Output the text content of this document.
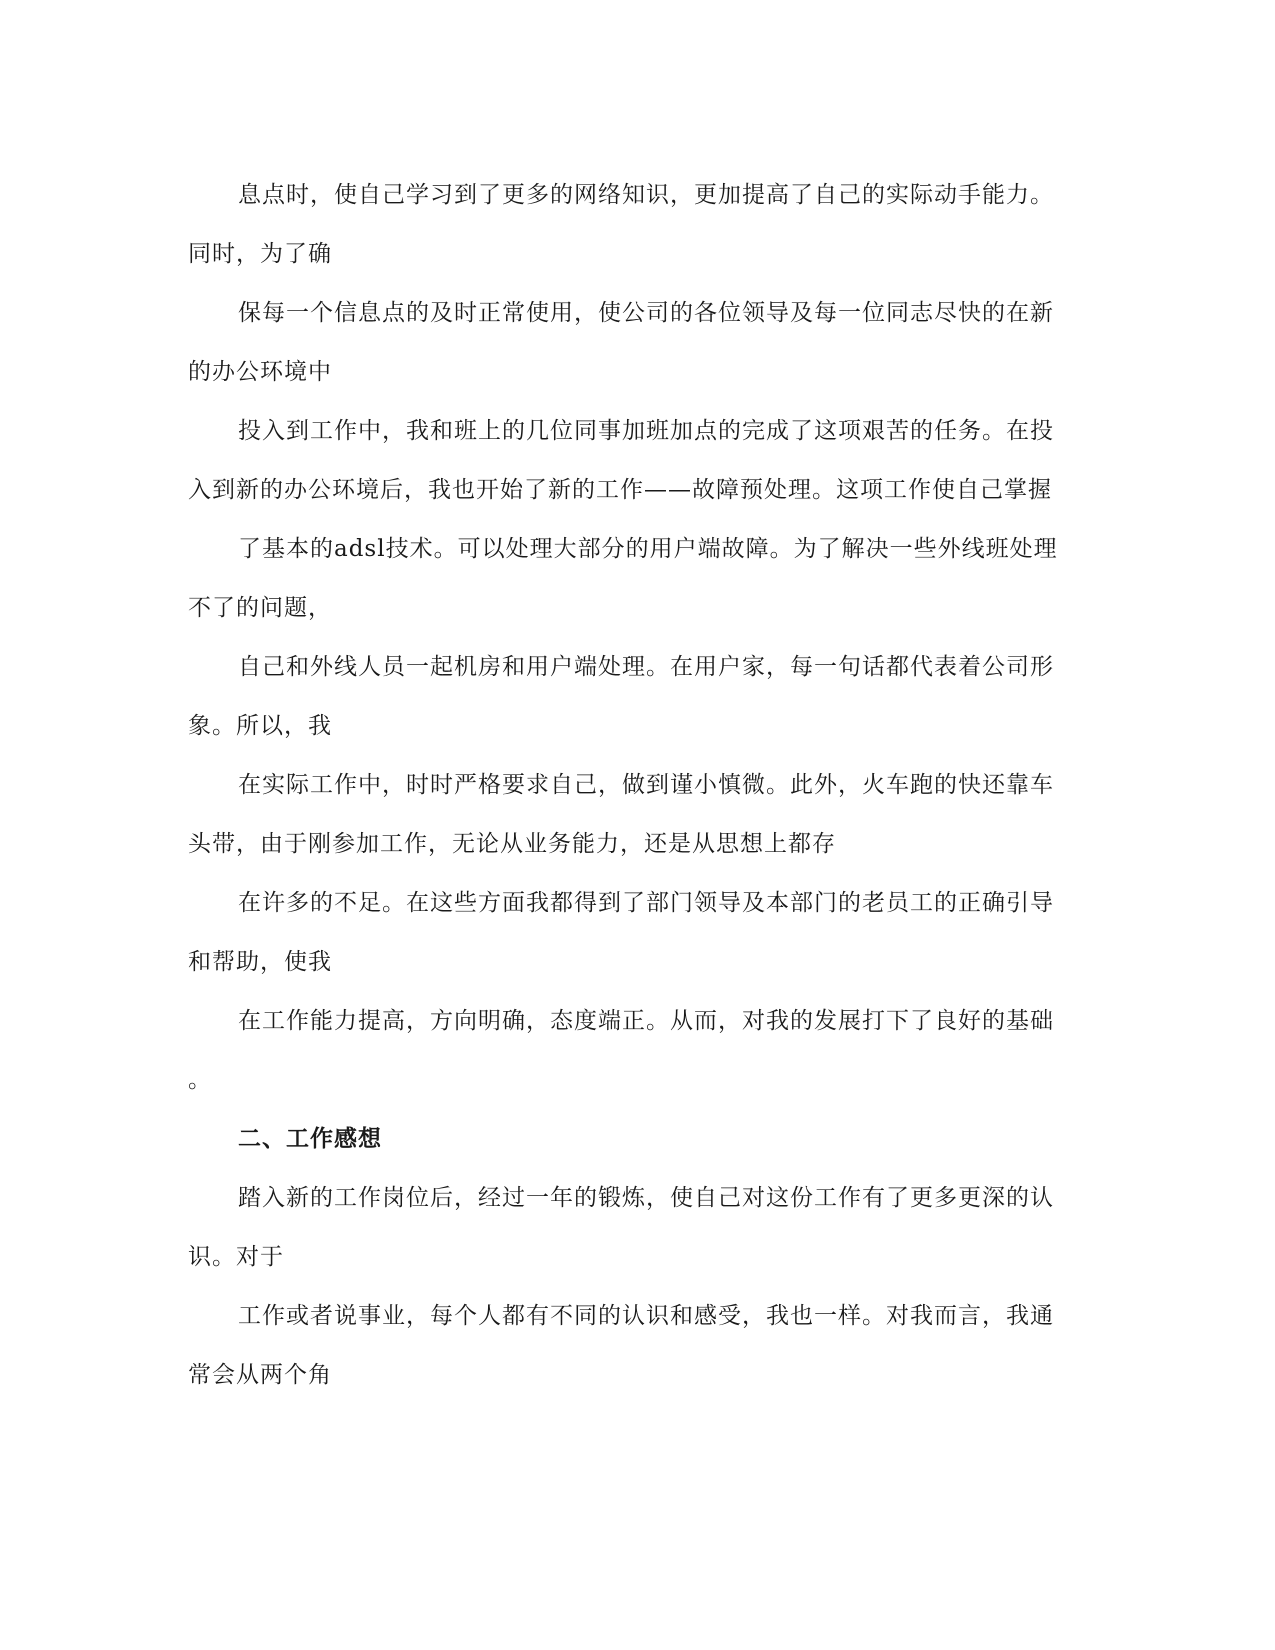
息点时，使自己学习到了更多的网络知识，更加提高了自己的实际动手能力。
同时，为了确
保每一个信息点的及时正常使用，使公司的各位领导及每一位同志尽快的在新
的办公环境中
投入到工作中，我和班上的几位同事加班加点的完成了这项艰苦的任务。在投
入到新的办公环境后，我也开始了新的工作——故障预处理。这项工作使自己掌握
了基本的adsl技术。可以处理大部分的用户端故障。为了解决一些外线班处理
不了的问题，
自己和外线人员一起机房和用户端处理。在用户家，每一句话都代表着公司形
象。所以，我
在实际工作中，时时严格要求自己，做到谨小慎微。此外，火车跑的快还靠车
头带，由于刚参加工作，无论从业务能力，还是从思想上都存
在许多的不足。在这些方面我都得到了部门领导及本部门的老员工的正确引导
和帮助，使我
在工作能力提高，方向明确，态度端正。从而，对我的发展打下了良好的基础
。
二、工作感想
踏入新的工作岗位后，经过一年的锻炼，使自己对这份工作有了更多更深的认
识。对于
工作或者说事业，每个人都有不同的认识和感受，我也一样。对我而言，我通
常会从两个角
